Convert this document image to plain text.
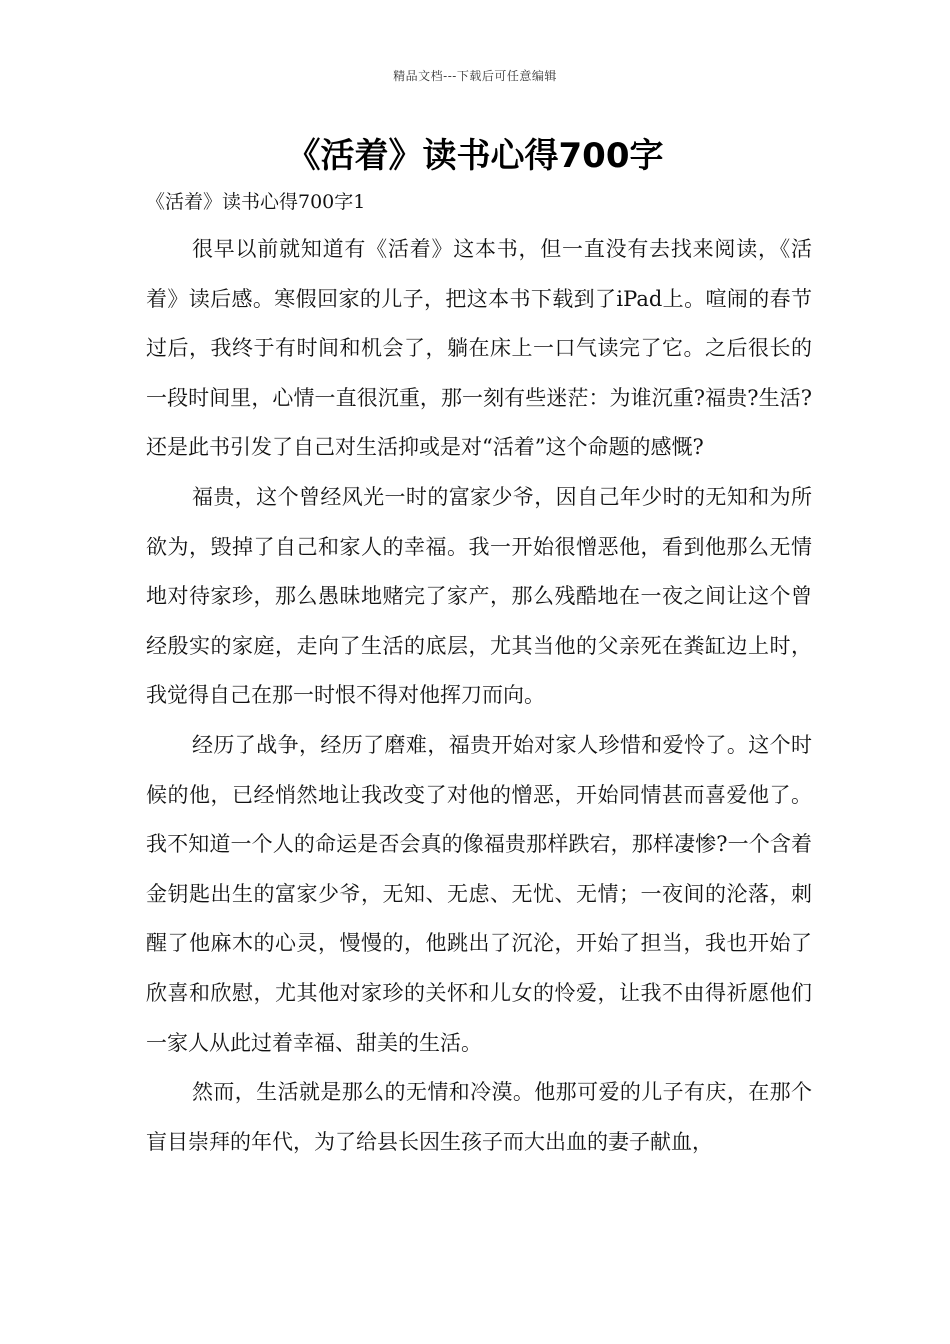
精品文档---下载后可任意编辑
《活着》读书心得700字
《活着》读书心得700字1

很早以前就知道有《活着》这本书，但一直没有去找来阅读，《活着》读后感。寒假回家的儿子，把这本书下载到了iPad上。喧闹的春节过后，我终于有时间和机会了，躺在床上一口气读完了它。之后很长的一段时间里，心情一直很沉重，那一刻有些迷茫：为谁沉重?福贵?生活?还是此书引发了自己对生活抑或是对“活着”这个命题的感慨?

福贵，这个曾经风光一时的富家少爷，因自己年少时的无知和为所欲为，毁掉了自己和家人的幸福。我一开始很憎恶他，看到他那么无情地对待家珍，那么愚昧地赌完了家产，那么残酷地在一夜之间让这个曾经殷实的家庭，走向了生活的底层，尤其当他的父亲死在粪缸边上时，我觉得自己在那一时恨不得对他挥刀而向。

经历了战争，经历了磨难，福贵开始对家人珍惜和爱怜了。这个时候的他，已经悄然地让我改变了对他的憎恶，开始同情甚而喜爱他了。我不知道一个人的命运是否会真的像福贵那样跌宕，那样凄惨?一个含着金钥匙出生的富家少爷，无知、无虑、无忧、无情；一夜间的沦落，刺醒了他麻木的心灵，慢慢的，他跳出了沉沦，开始了担当，我也开始了欣喜和欣慰，尤其他对家珍的关怀和儿女的怜爱，让我不由得祈愿他们一家人从此过着幸福、甜美的生活。

然而，生活就是那么的无情和冷漠。他那可爱的儿子有庆，在那个盲目崇拜的年代，为了给县长因生孩子而大出血的妻子献血，
